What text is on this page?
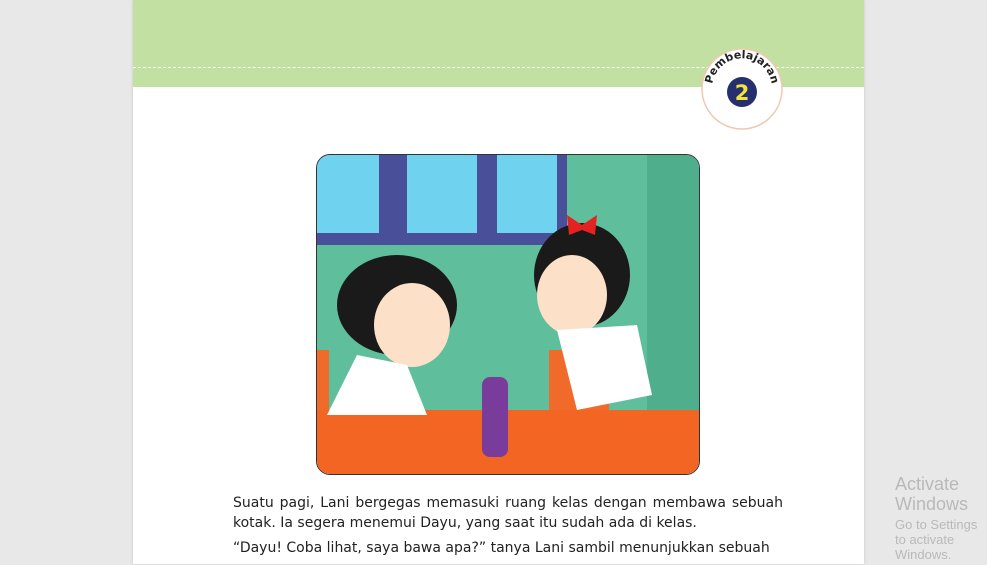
Pembelajaran
2

Suatu pagi, Lani bergegas memasuki ruang kelas dengan membawa sebuah kotak. Ia segera menemui Dayu, yang saat itu sudah ada di kelas.

“Dayu! Coba lihat, saya bawa apa?” tanya Lani sambil menunjukkan sebuah

Activate Windows
Go to Settings to activate Windows.
